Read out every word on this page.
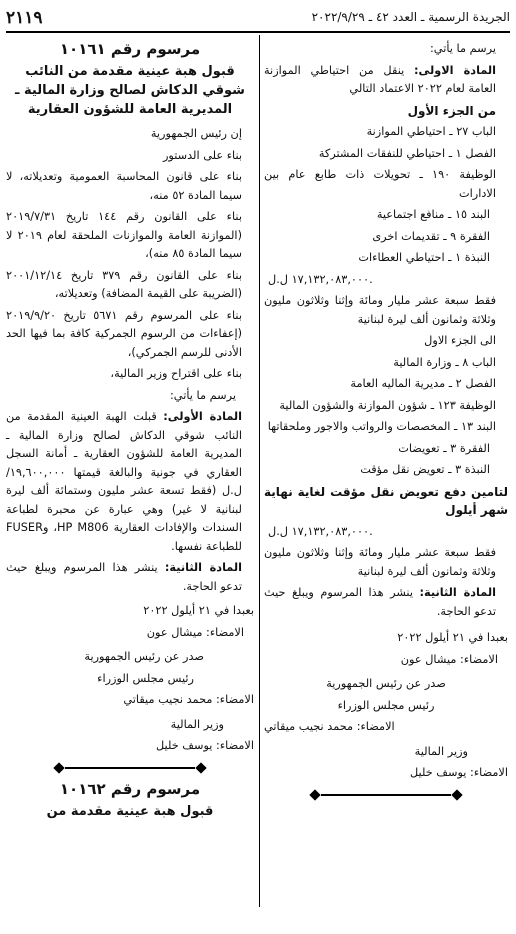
٢١١٩	الجريدة الرسمية ـ العدد ٤٢ ـ ٢٠٢٢/٩/٢٩

يرسم ما يأتي:

المادة الاولى: ينقل من احتياطي الموازنة العامة لعام ٢٠٢٢ الاعتماد التالي

من الجزء الأول

الباب ٢٧ ـ احتياطي الموازنة

الفصل ١ ـ احتياطي للنفقات المشتركة

الوظيفة ١٩٠ ـ تحويلات ذات طابع عام بين الادارات

البند ١٥ ـ منافع اجتماعية

الفقرة ٩ ـ تقديمات اخرى

النبذة ١ ـ احتياطي العطاءات

١٧,١٣٢,٠٨٣,٠٠٠ ل.ل.

فقط سبعة عشر مليار ومائة وإثنا وثلاثون مليون وثلاثة وثمانون ألف ليرة لبنانية

الى الجزء الاول

الباب ٨ ـ وزارة المالية

الفصل ٢ ـ مديرية الماليه العامة

الوظيفة ١٢٣ ـ شؤون الموازنة والشؤون المالية

البند ١٣ ـ المخصصات والرواتب والاجور وملحقاتها

الفقرة ٣ ـ تعويضات

النبذة ٣ ـ تعويض نقل مؤقت

لتامين دفع تعويض نقل مؤقت لغاية نهاية شهر أيلول

١٧,١٣٢,٠٨٣,٠٠٠ ل.ل.

فقط سبعة عشر مليار ومائة وإثنا وثلاثون مليون وثلاثة وثمانون ألف ليرة لبنانية

المادة الثانية: ينشر هذا المرسوم ويبلغ حيث تدعو الحاجة.

بعبدا في ٢١ أيلول ٢٠٢٢

الامضاء: ميشال عون

صدر عن رئيس الجمهورية

رئيس مجلس الوزراء

الامضاء: محمد نجيب ميقاتي

وزير المالية

الامضاء: يوسف خليل

مرسوم رقم ١٠١٦١

قبول هبة عينية مقدمة من النائب شوقي الدكاش لصالح وزارة المالية ـ المديرية العامة للشؤون العقارية

إن رئيس الجمهورية

بناء على الدستور

بناء على قانون المحاسبة العمومية وتعديلاته، لا سيما المادة ٥٢ منه،

بناء على القانون رقم ١٤٤ تاريخ ٢٠١٩/٧/٣١ (الموازنة العامة والموازنات الملحقة لعام ٢٠١٩ لا سيما المادة ٨٥ منه)،

بناء على القانون رقم ٣٧٩ تاريخ ٢٠٠١/١٢/١٤ (الضريبة على القيمة المضافة) وتعديلاته،

بناء على المرسوم رقم ٥٦٧١ تاريخ ٢٠١٩/٩/٢٠ (إعفاءات من الرسوم الجمركية كافة بما فيها الحد الأدنى للرسم الجمركي)،

بناء على اقتراح وزير المالية،

يرسم ما يأتي:

المادة الأولى: قبلت الهبة العينية المقدمة من النائب شوقي الدكاش لصالح وزارة المالية ـ المديرية العامة للشؤون العقارية ـ أمانة السجل العقاري في جونية والبالغة قيمتها ١٩,٦٠٠,٠٠٠/ ل.ل (فقط تسعة عشر مليون وستمائة ألف ليرة لبنانية لا غير) وهي عبارة عن محبرة لطباعة السندات والإفادات العقارية HP M806، وFUSER للطباعة نفسها.

المادة الثانية: ينشر هذا المرسوم ويبلغ حيث تدعو الحاجة.

بعبدا في ٢١ أيلول ٢٠٢٢

الامضاء: ميشال عون

صدر عن رئيس الجمهورية

رئيس مجلس الوزراء

الامضاء: محمد نجيب ميقاتي

وزير المالية

الامضاء: يوسف خليل

مرسوم رقم ١٠١٦٢

قبول هبة عينية مقدمة من
